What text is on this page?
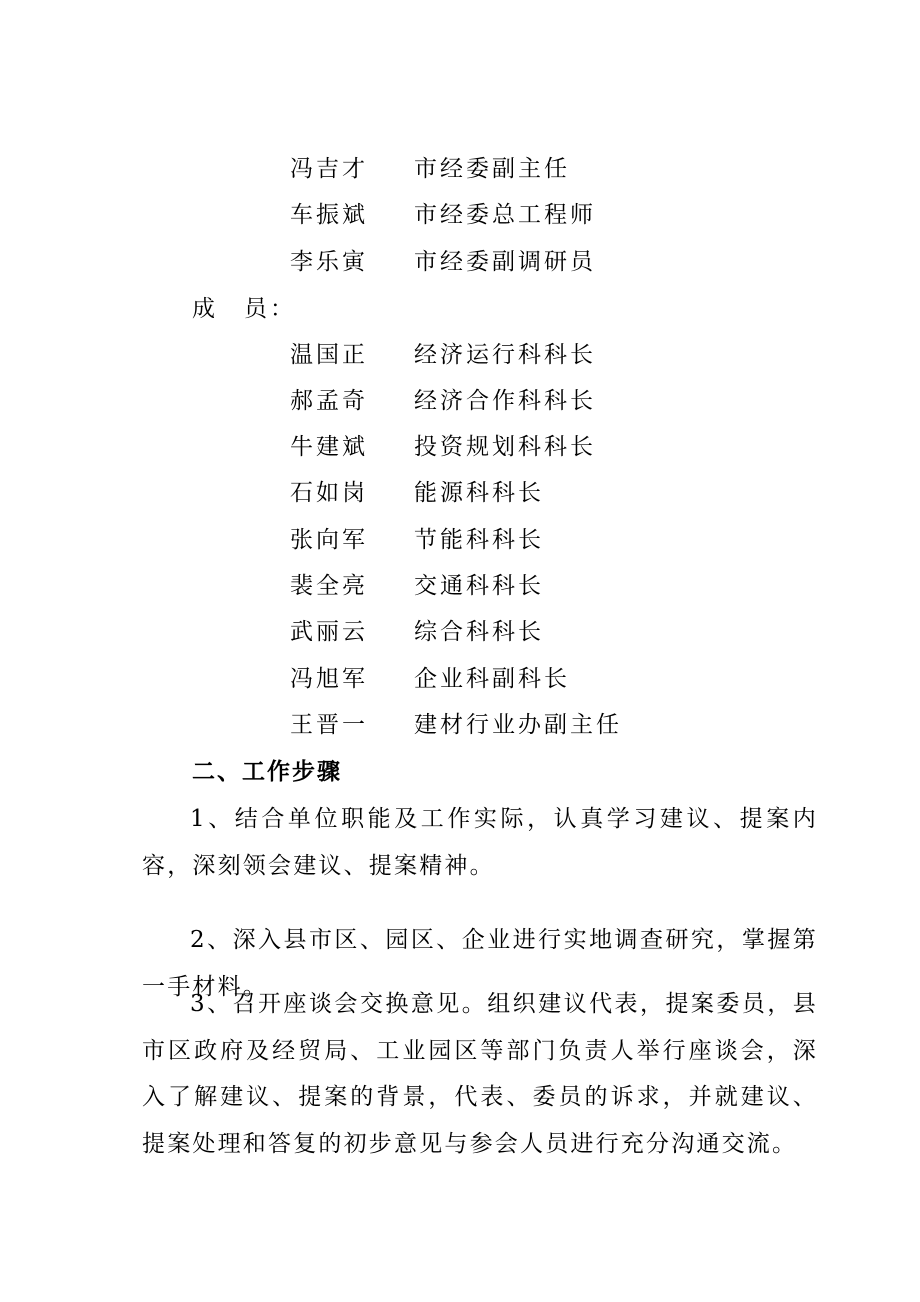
冯吉才 市经委副主任
车振斌 市经委总工程师
李乐寅 市经委副调研员
成　员：
温国正 经济运行科科长
郝孟奇 经济合作科科长
牛建斌 投资规划科科长
石如岗 能源科科长
张向军 节能科科长
裴全亮 交通科科长
武丽云 综合科科长
冯旭军 企业科副科长
王晋一 建材行业办副主任
二、工作步骤

1、结合单位职能及工作实际，认真学习建议、提案内容，深刻领会建议、提案精神。

2、深入县市区、园区、企业进行实地调查研究，掌握第一手材料。

3、召开座谈会交换意见。组织建议代表，提案委员，县市区政府及经贸局、工业园区等部门负责人举行座谈会，深入了解建议、提案的背景，代表、委员的诉求，并就建议、提案处理和答复的初步意见与参会人员进行充分沟通交流。
